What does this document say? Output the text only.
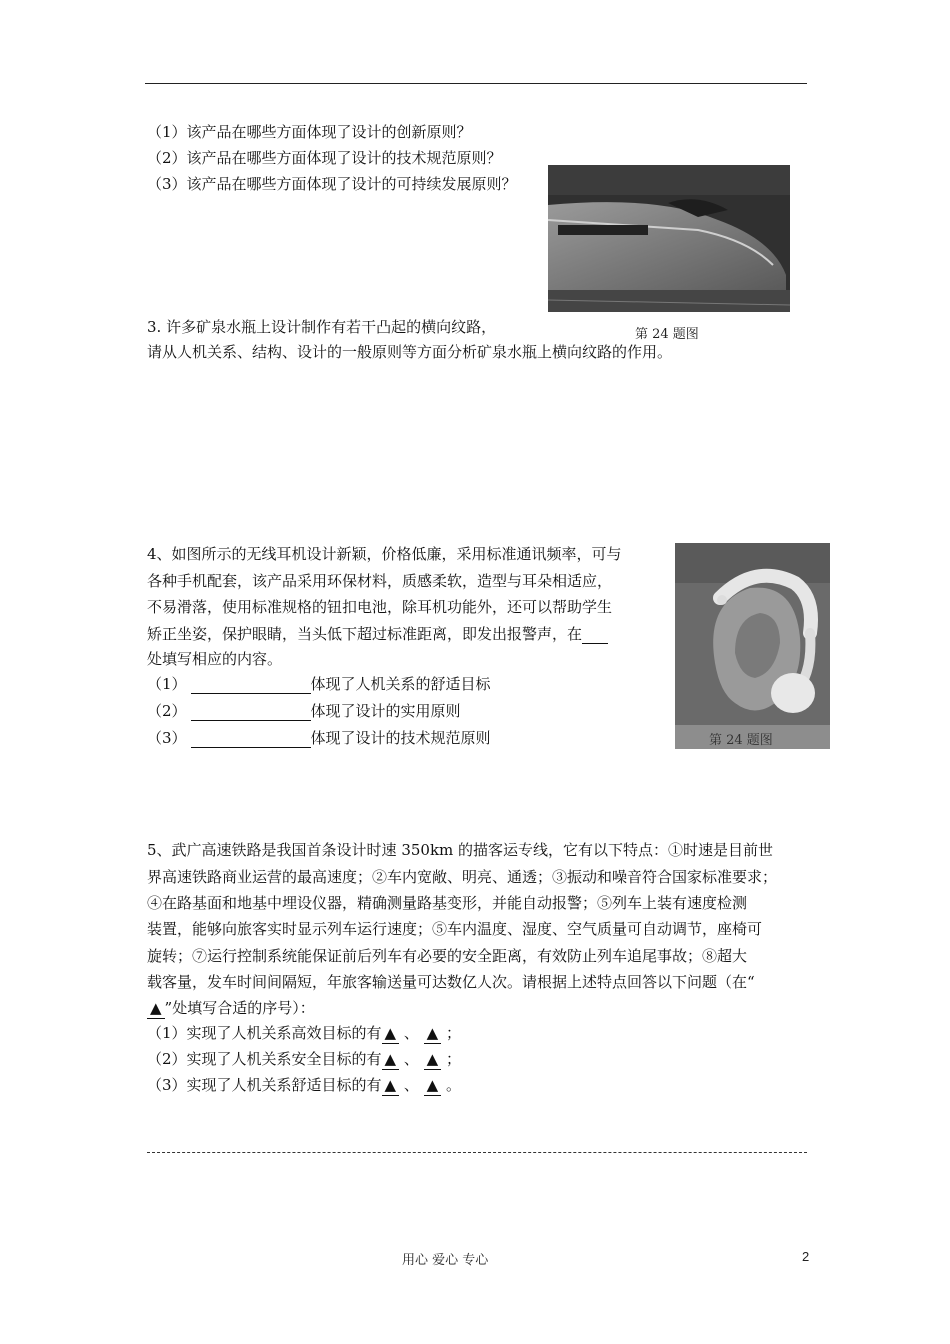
（1）该产品在哪些方面体现了设计的创新原则？
（2）该产品在哪些方面体现了设计的技术规范原则？
（3）该产品在哪些方面体现了设计的可持续发展原则？
第 24 题图
3. 许多矿泉水瓶上设计制作有若干凸起的横向纹路，
请从人机关系、结构、设计的一般原则等方面分析矿泉水瓶上横向纹路的作用。
4、如图所示的无线耳机设计新颖，价格低廉，采用标准通讯频率，可与
各种手机配套，该产品采用环保材料，质感柔软，造型与耳朵相适应，
不易滑落，使用标准规格的钮扣电池，除耳机功能外，还可以帮助学生
矫正坐姿，保护眼睛，当头低下超过标准距离，即发出报警声，在
处填写相应的内容。
（1）	体现了人机关系的舒适目标
（2）	体现了设计的实用原则
（3）	体现了设计的技术规范原则	第 24 题图
5、武广高速铁路是我国首条设计时速 350km 的描客运专线，它有以下特点：①时速是目前世
界高速铁路商业运营的最高速度；②车内宽敞、明亮、通透；③振动和噪音符合国家标准要求；
④在路基面和地基中埋设仪器，精确测量路基变形，并能自动报警；⑤列车上装有速度检测
装置，能够向旅客实时显示列车运行速度；⑤车内温度、湿度、空气质量可自动调节，座椅可
旋转；⑦运行控制系统能保证前后列车有必要的安全距离，有效防止列车追尾事故；⑧超大
载客量，发车时间间隔短，年旅客输送量可达数亿人次。请根据上述特点回答以下问题（在“
▲ ”处填写合适的序号）：
（1）实现了人机关系高效目标的有 ▲ 、 ▲ ；
（2）实现了人机关系安全目标的有 ▲ 、 ▲ ；
（3）实现了人机关系舒适目标的有 ▲ 、 ▲ 。
用心 爱心 专心	2
